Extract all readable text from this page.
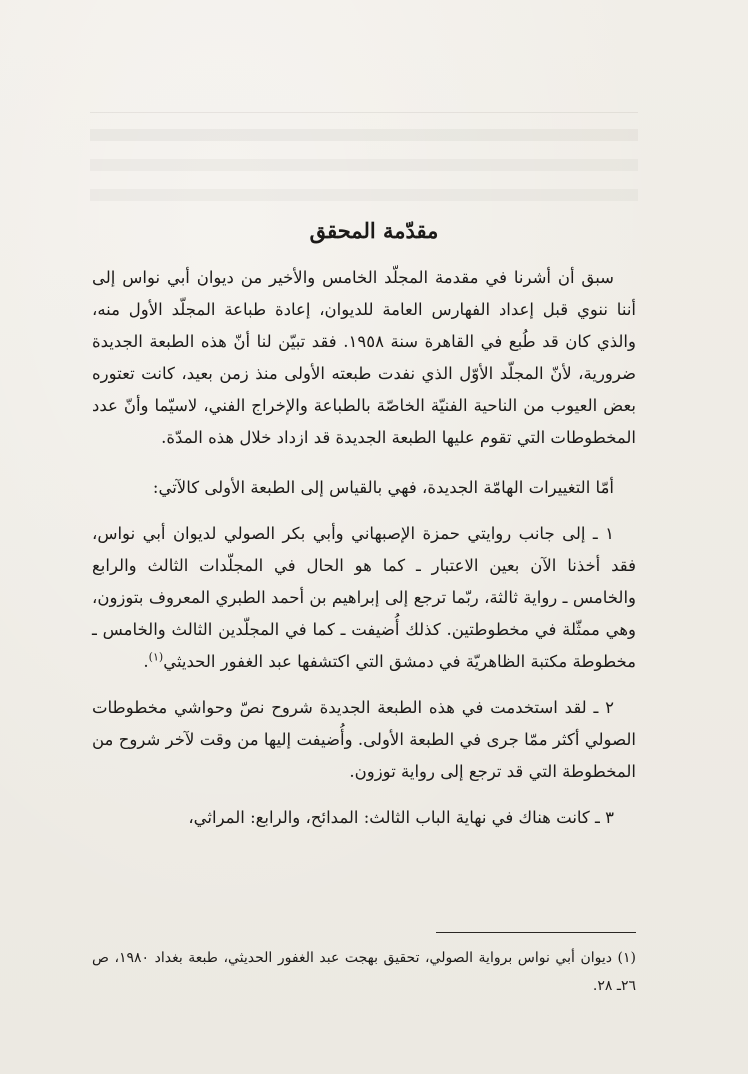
مقدّمة المحقق

سبق أن أشرنا في مقدمة المجلّد الخامس والأخير من ديوان أبي نواس إلى أننا ننوي قبل إعداد الفهارس العامة للديوان، إعادة طباعة المجلّد الأول منه، والذي كان قد طُبع في القاهرة سنة ١٩٥٨. فقد تبيّن لنا أنّ هذه الطبعة الجديدة ضرورية، لأنّ المجلّد الأوّل الذي نفدت طبعته الأولى منذ زمن بعيد، كانت تعتوره بعض العيوب من الناحية الفنيّة الخاصّة بالطباعة والإخراج الفني، لاسيّما وأنّ عدد المخطوطات التي تقوم عليها الطبعة الجديدة قد ازداد خلال هذه المدّة.

أمّا التغييرات الهامّة الجديدة، فهي بالقياس إلى الطبعة الأولى كالآتي:

١ ـ إلى جانب روايتي حمزة الإصبهاني وأبي بكر الصولي لديوان أبي نواس، فقد أخذنا الآن بعين الاعتبار ـ كما هو الحال في المجلّدات الثالث والرابع والخامس ـ رواية ثالثة، ربّما ترجع إلى إبراهيم بن أحمد الطبري المعروف بتوزون، وهي ممثّلة في مخطوطتين. كذلك أُضيفت ـ كما في المجلّدين الثالث والخامس ـ مخطوطة مكتبة الظاهريّة في دمشق التي اكتشفها عبد الغفور الحديثي$^{(١)}$.

٢ ـ لقد استخدمت في هذه الطبعة الجديدة شروح نصّ وحواشي مخطوطات الصولي أكثر ممّا جرى في الطبعة الأولى. وأُضيفت إليها من وقت لآخر شروح من المخطوطة التي قد ترجع إلى رواية توزون.

٣ ـ كانت هناك في نهاية الباب الثالث: المدائح، والرابع: المراثي،

(١) ديوان أبي نواس برواية الصولي، تحقيق بهجت عبد الغفور الحديثي، طبعة بغداد ١٩٨٠، ص ٢٦ـ ٢٨.
